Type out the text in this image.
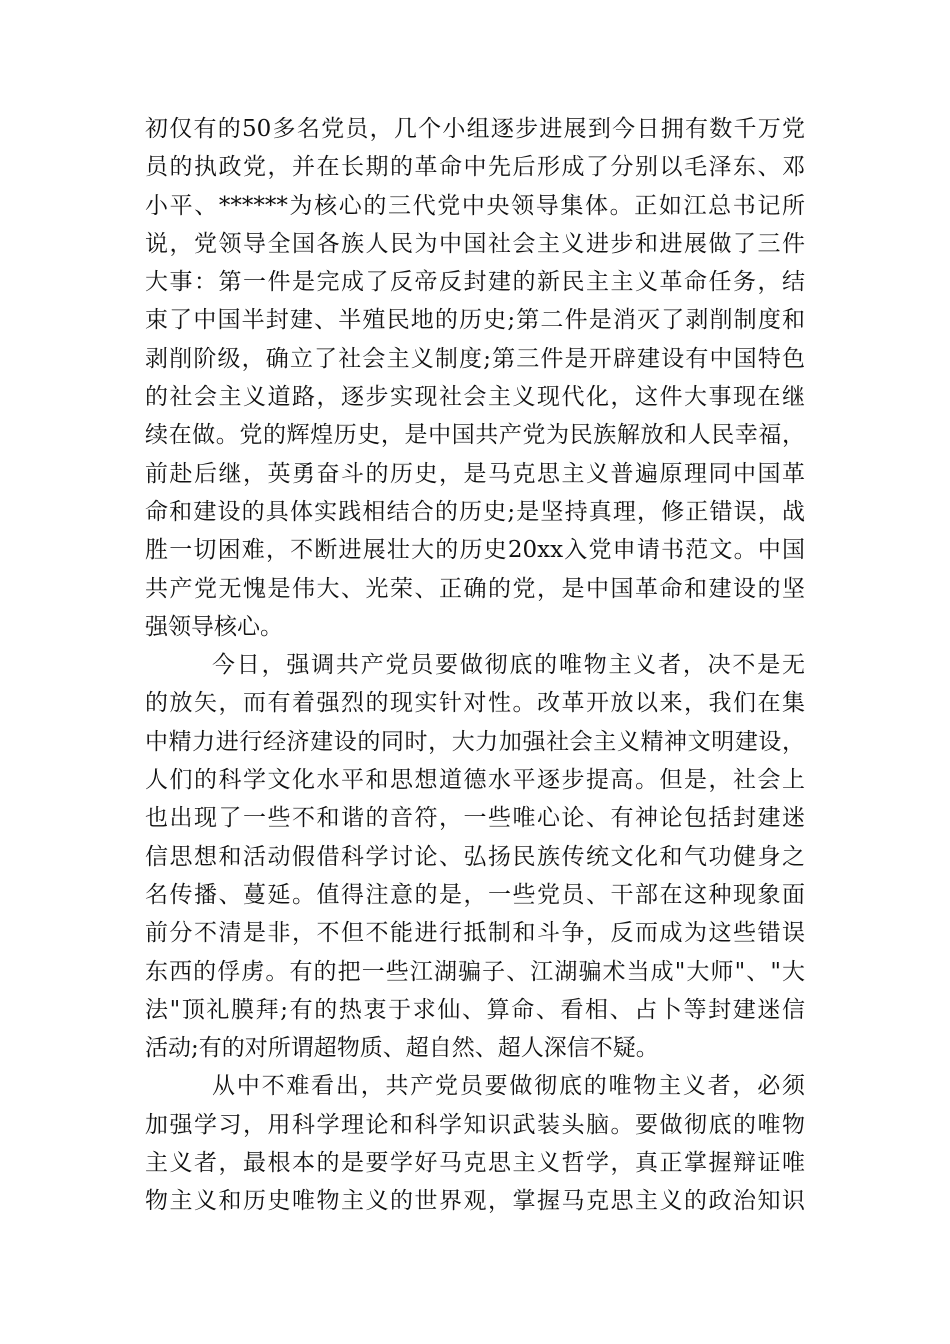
初仅有的50多名党员，几个小组逐步进展到今日拥有数千万党
员的执政党，并在长期的革命中先后形成了分别以毛泽东、邓
小平、******为核心的三代党中央领导集体。正如江总书记所
说，党领导全国各族人民为中国社会主义进步和进展做了三件
大事：第一件是完成了反帝反封建的新民主主义革命任务，结
束了中国半封建、半殖民地的历史;第二件是消灭了剥削制度和
剥削阶级，确立了社会主义制度;第三件是开辟建设有中国特色
的社会主义道路，逐步实现社会主义现代化，这件大事现在继
续在做。党的辉煌历史，是中国共产党为民族解放和人民幸福，
前赴后继，英勇奋斗的历史，是马克思主义普遍原理同中国革
命和建设的具体实践相结合的历史;是坚持真理，修正错误，战
胜一切困难，不断进展壮大的历史20xx入党申请书范文。中国
共产党无愧是伟大、光荣、正确的党，是中国革命和建设的坚
强领导核心。
今日，强调共产党员要做彻底的唯物主义者，决不是无
的放矢，而有着强烈的现实针对性。改革开放以来，我们在集
中精力进行经济建设的同时，大力加强社会主义精神文明建设，
人们的科学文化水平和思想道德水平逐步提高。但是，社会上
也出现了一些不和谐的音符，一些唯心论、有神论包括封建迷
信思想和活动假借科学讨论、弘扬民族传统文化和气功健身之
名传播、蔓延。值得注意的是，一些党员、干部在这种现象面
前分不清是非，不但不能进行抵制和斗争，反而成为这些错误
东西的俘虏。有的把一些江湖骗子、江湖骗术当成"大师"、"大
法"顶礼膜拜;有的热衷于求仙、算命、看相、占卜等封建迷信
活动;有的对所谓超物质、超自然、超人深信不疑。
从中不难看出，共产党员要做彻底的唯物主义者，必须
加强学习，用科学理论和科学知识武装头脑。要做彻底的唯物
主义者，最根本的是要学好马克思主义哲学，真正掌握辩证唯
物主义和历史唯物主义的世界观，掌握马克思主义的政治知识
